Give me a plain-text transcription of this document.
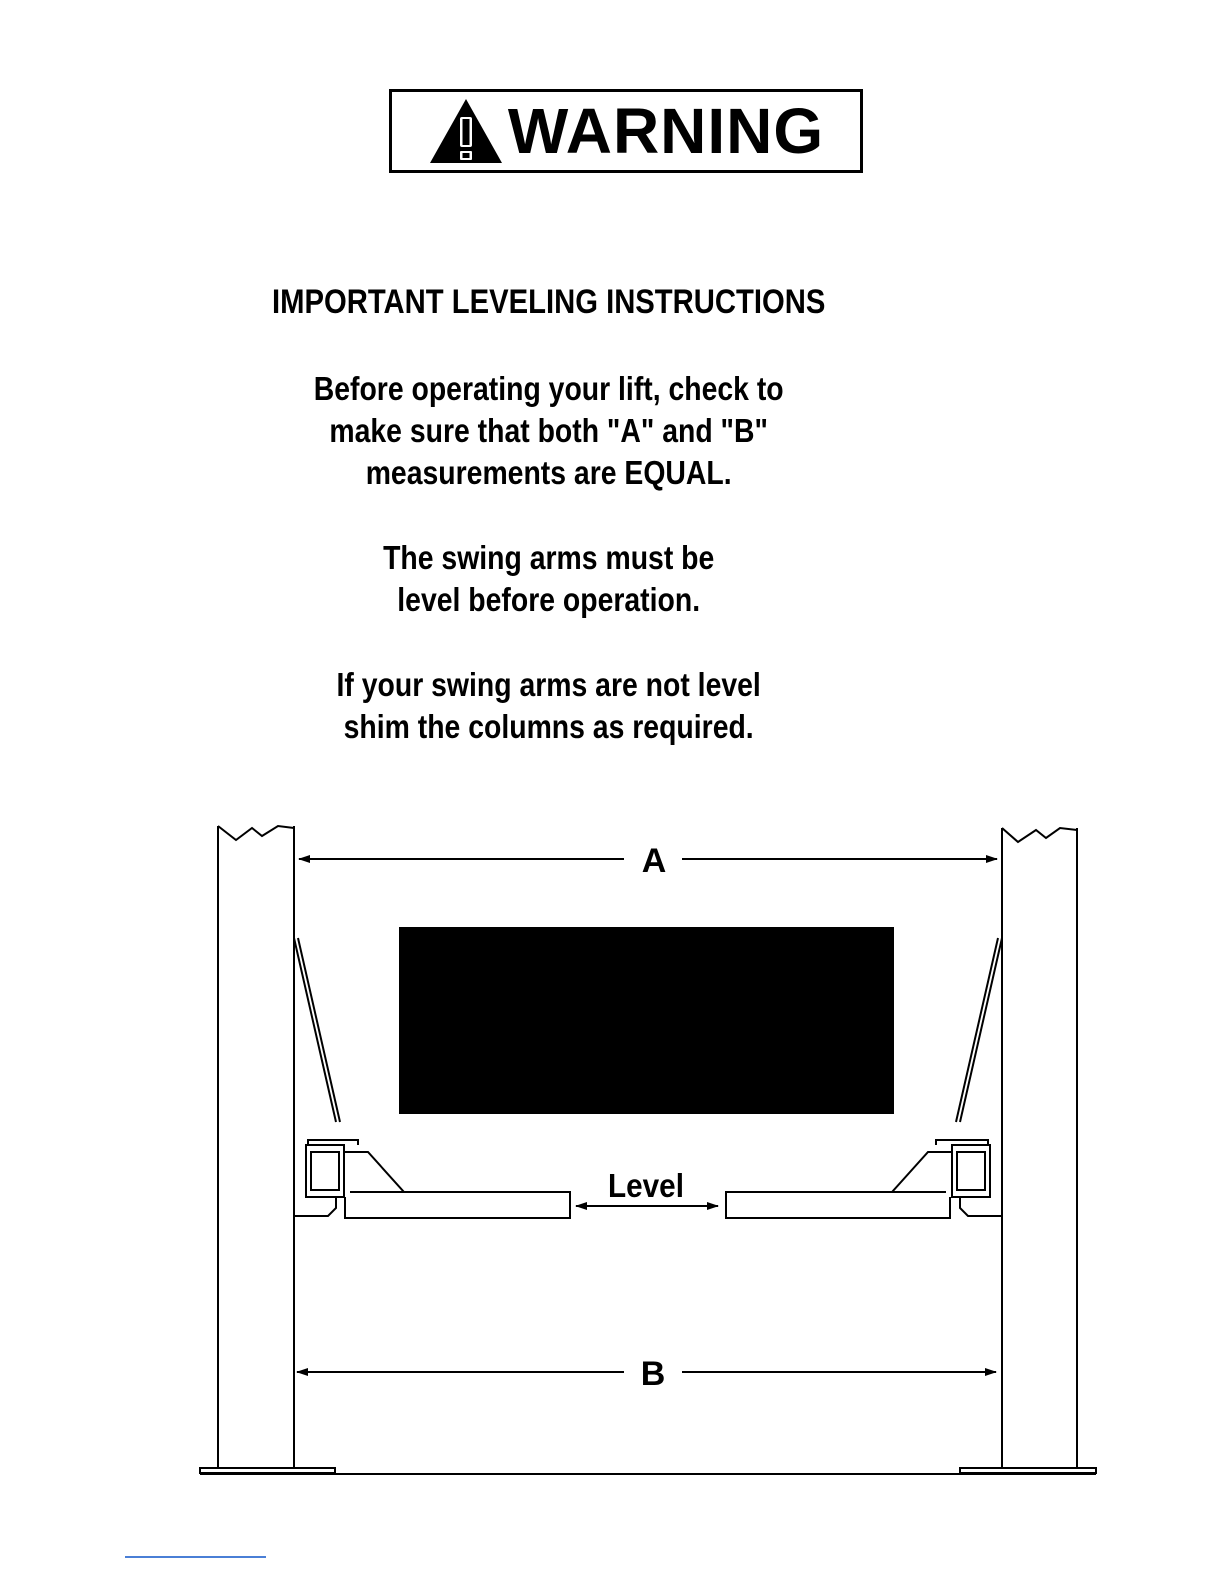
WARNING
IMPORTANT LEVELING INSTRUCTIONS
Before operating your lift, check to
make sure that both "A" and "B"
measurements are EQUAL.
The swing arms must be
level before operation.
If your swing arms are not level
shim the columns as required.
A
B
Level
